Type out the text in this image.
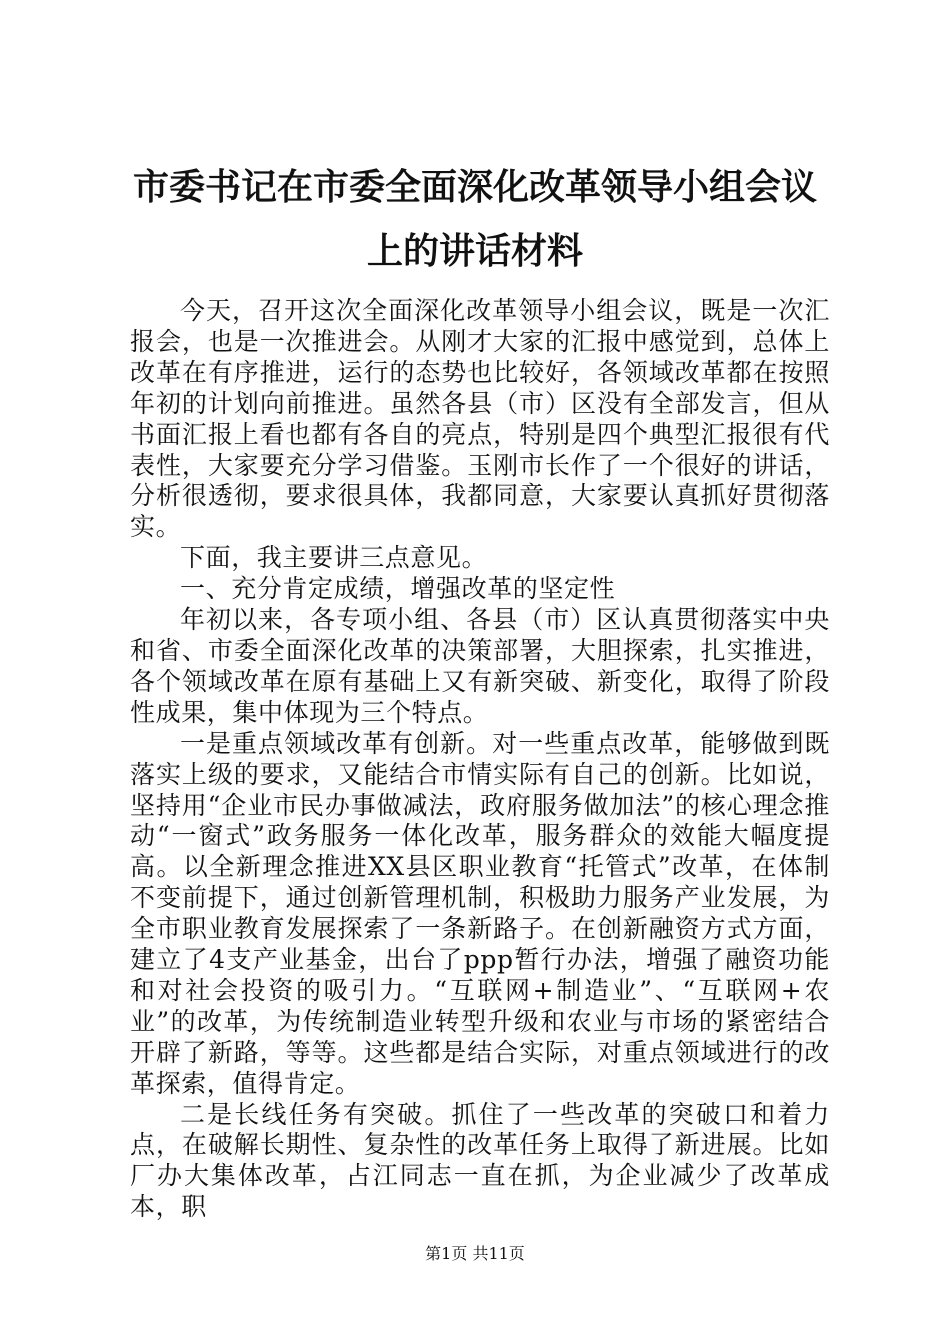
市委书记在市委全面深化改革领导小组会议上的讲话材料

今天，召开这次全面深化改革领导小组会议，既是一次汇报会，也是一次推进会。从刚才大家的汇报中感觉到，总体上改革在有序推进，运行的态势也比较好，各领域改革都在按照年初的计划向前推进。虽然各县（市）区没有全部发言，但从书面汇报上看也都有各自的亮点，特别是四个典型汇报很有代表性，大家要充分学习借鉴。玉刚市长作了一个很好的讲话，分析很透彻，要求很具体，我都同意，大家要认真抓好贯彻落实。

下面，我主要讲三点意见。

一、充分肯定成绩，增强改革的坚定性

年初以来，各专项小组、各县（市）区认真贯彻落实中央和省、市委全面深化改革的决策部署，大胆探索，扎实推进，各个领域改革在原有基础上又有新突破、新变化，取得了阶段性成果，集中体现为三个特点。

一是重点领域改革有创新。对一些重点改革，能够做到既落实上级的要求，又能结合市情实际有自己的创新。比如说，坚持用“企业市民办事做减法，政府服务做加法”的核心理念推动“一窗式”政务服务一体化改革，服务群众的效能大幅度提高。以全新理念推进XX县区职业教育“托管式”改革，在体制不变前提下，通过创新管理机制，积极助力服务产业发展，为全市职业教育发展探索了一条新路子。在创新融资方式方面，建立了4支产业基金，出台了ppp暂行办法，增强了融资功能和对社会投资的吸引力。“互联网+制造业”、“互联网+农业”的改革，为传统制造业转型升级和农业与市场的紧密结合开辟了新路，等等。这些都是结合实际，对重点领域进行的改革探索，值得肯定。

二是长线任务有突破。抓住了一些改革的突破口和着力点，在破解长期性、复杂性的改革任务上取得了新进展。比如厂办大集体改革，占江同志一直在抓，为企业减少了改革成本，职

第1页 共11页
